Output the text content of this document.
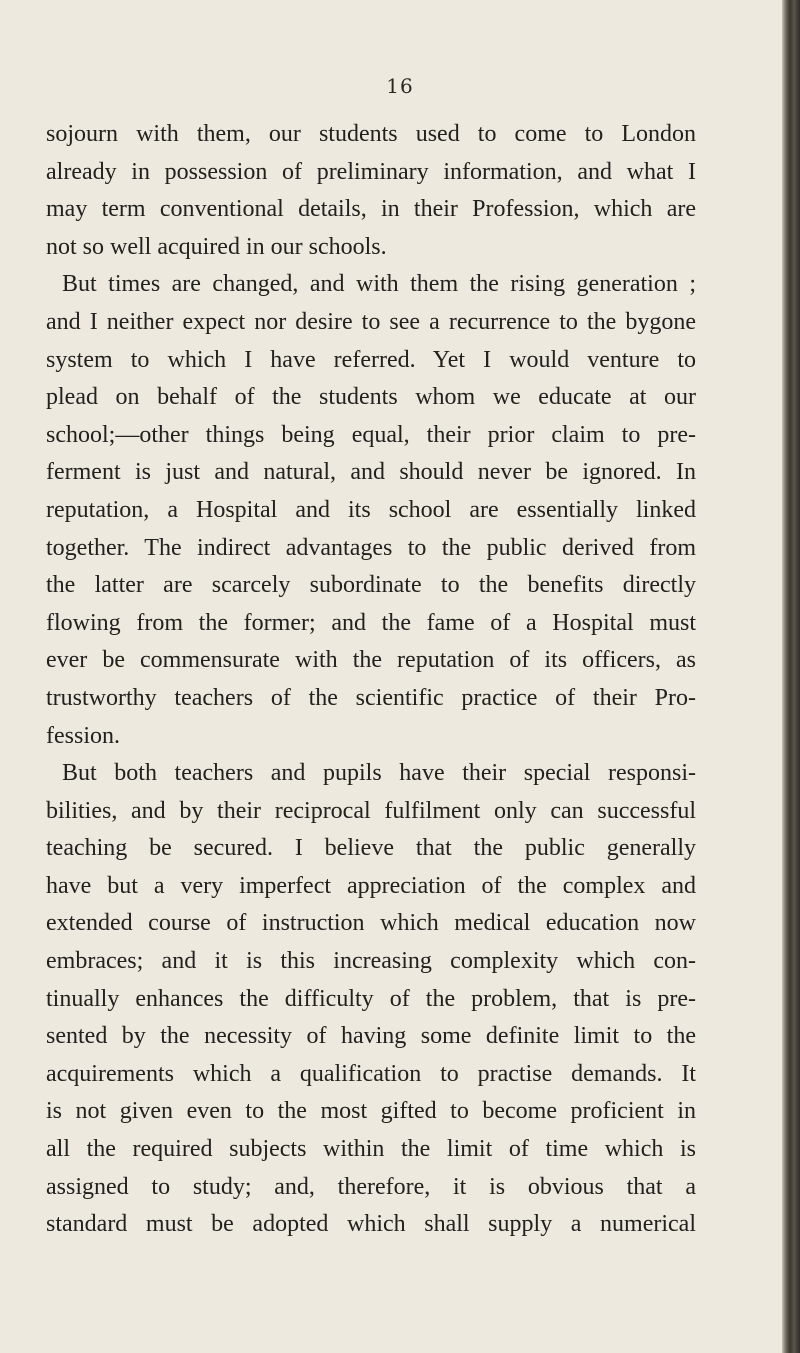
16
sojourn with them, our students used to come to London
already in possession of preliminary information, and what I
may term conventional details, in their Profession, which are
not so well acquired in our schools.
But times are changed, and with them the rising generation ;
and I neither expect nor desire to see a recurrence to the bygone
system to which I have referred. Yet I would venture to
plead on behalf of the students whom we educate at our
school;—other things being equal, their prior claim to pre-
ferment is just and natural, and should never be ignored. In
reputation, a Hospital and its school are essentially linked
together. The indirect advantages to the public derived from
the latter are scarcely subordinate to the benefits directly
flowing from the former; and the fame of a Hospital must
ever be commensurate with the reputation of its officers, as
trustworthy teachers of the scientific practice of their Pro-
fession.
But both teachers and pupils have their special responsi-
bilities, and by their reciprocal fulfilment only can successful
teaching be secured. I believe that the public generally
have but a very imperfect appreciation of the complex and
extended course of instruction which medical education now
embraces; and it is this increasing complexity which con-
tinually enhances the difficulty of the problem, that is pre-
sented by the necessity of having some definite limit to the
acquirements which a qualification to practise demands. It
is not given even to the most gifted to become proficient in
all the required subjects within the limit of time which is
assigned to study; and, therefore, it is obvious that a
standard must be adopted which shall supply a numerical
